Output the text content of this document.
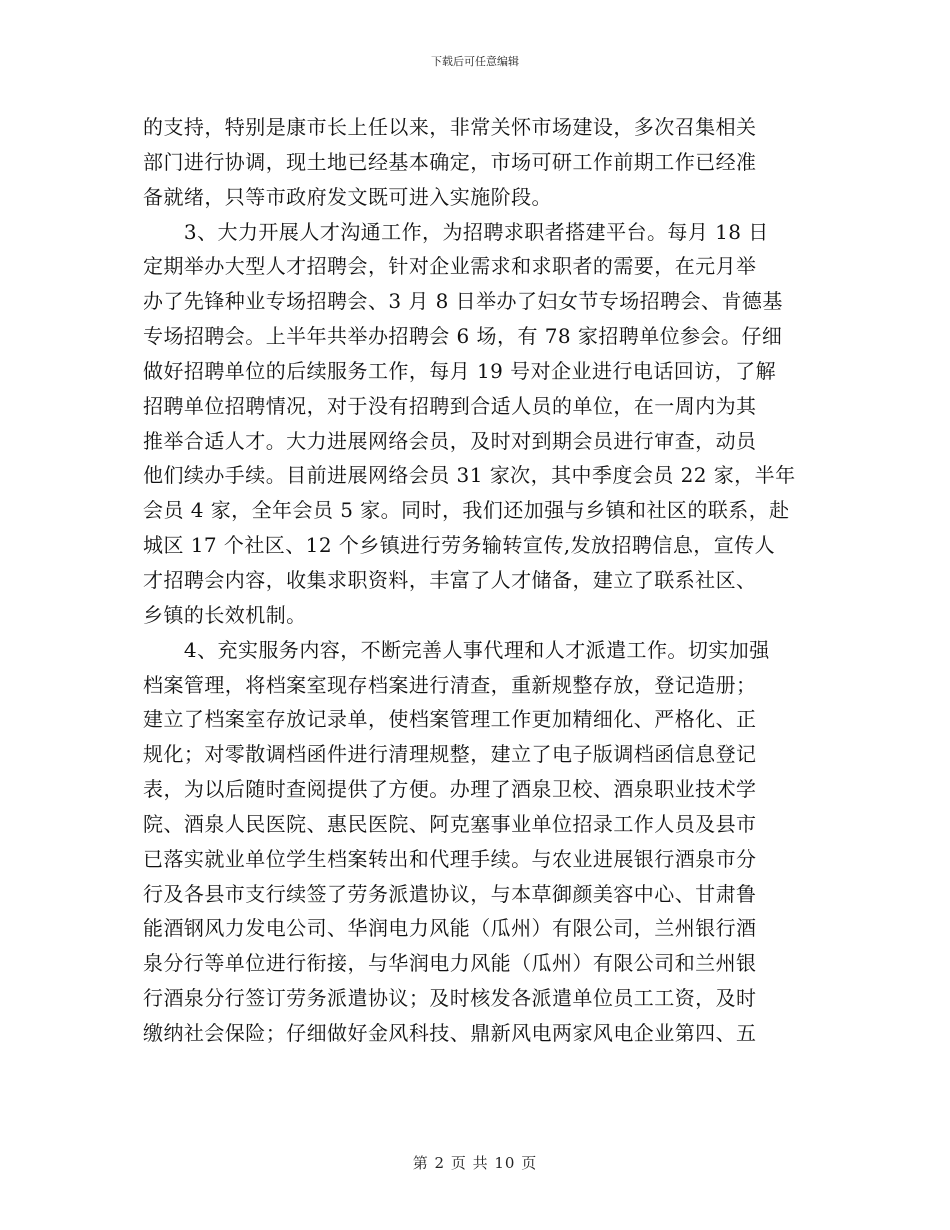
下载后可任意编辑
的支持，特别是康市长上任以来，非常关怀市场建设，多次召集相关
部门进行协调，现土地已经基本确定，市场可研工作前期工作已经准
备就绪，只等市政府发文既可进入实施阶段。
　　3、大力开展人才沟通工作，为招聘求职者搭建平台。每月 18 日
定期举办大型人才招聘会，针对企业需求和求职者的需要，在元月举
办了先锋种业专场招聘会、3 月 8 日举办了妇女节专场招聘会、肯德基
专场招聘会。上半年共举办招聘会 6 场，有 78 家招聘单位参会。仔细
做好招聘单位的后续服务工作，每月 19 号对企业进行电话回访，了解
招聘单位招聘情况，对于没有招聘到合适人员的单位，在一周内为其
推举合适人才。大力进展网络会员，及时对到期会员进行审查，动员
他们续办手续。目前进展网络会员 31 家次，其中季度会员 22 家，半年
会员 4 家，全年会员 5 家。同时，我们还加强与乡镇和社区的联系，赴
城区 17 个社区、12 个乡镇进行劳务输转宣传,发放招聘信息，宣传人
才招聘会内容，收集求职资料，丰富了人才储备，建立了联系社区、
乡镇的长效机制。
　　4、充实服务内容，不断完善人事代理和人才派遣工作。切实加强
档案管理，将档案室现存档案进行清查，重新规整存放，登记造册；
建立了档案室存放记录单，使档案管理工作更加精细化、严格化、正
规化；对零散调档函件进行清理规整，建立了电子版调档函信息登记
表，为以后随时查阅提供了方便。办理了酒泉卫校、酒泉职业技术学
院、酒泉人民医院、惠民医院、阿克塞事业单位招录工作人员及县市
已落实就业单位学生档案转出和代理手续。与农业进展银行酒泉市分
行及各县市支行续签了劳务派遣协议，与本草御颜美容中心、甘肃鲁
能酒钢风力发电公司、华润电力风能（瓜州）有限公司，兰州银行酒
泉分行等单位进行衔接，与华润电力风能（瓜州）有限公司和兰州银
行酒泉分行签订劳务派遣协议；及时核发各派遣单位员工工资，及时
缴纳社会保险；仔细做好金风科技、鼎新风电两家风电企业第四、五
第 2 页 共 10 页
